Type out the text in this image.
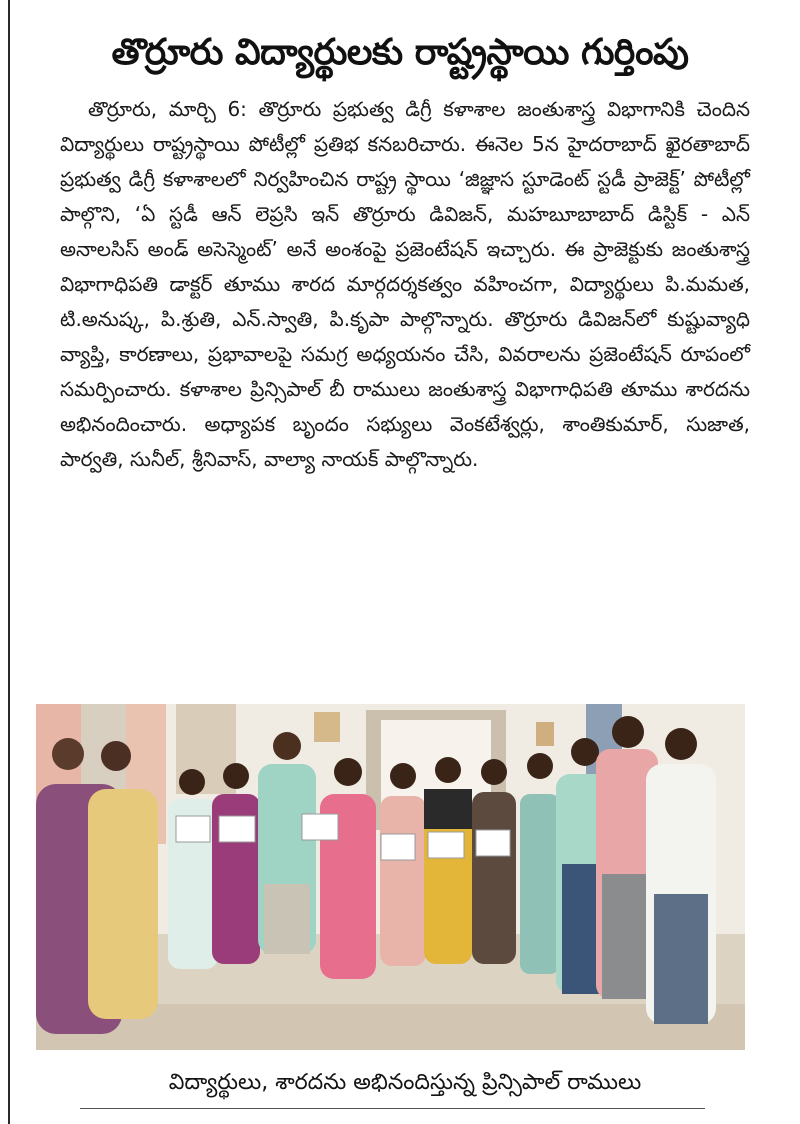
తొర్రూరు విద్యార్థులకు రాష్ట్రస్థాయి గుర్తింపు

తొర్రూరు, మార్చి 6: తొర్రూరు ప్రభుత్వ డిగ్రీ కళాశాల జంతుశాస్త్ర విభాగానికి చెందిన విద్యార్థులు రాష్ట్రస్థాయి పోటీల్లో ప్రతిభ కనబరిచారు. ఈనెల 5న హైదరాబాద్ ఖైరతాబాద్ ప్రభుత్వ డిగ్రీ కళాశాలలో నిర్వహించిన రాష్ట్ర స్థాయి ‘జిజ్ఞాస స్టూడెంట్ స్టడీ ప్రాజెక్ట్’ పోటీల్లో పాల్గొని, ‘ఏ స్టడీ ఆన్ లెప్రసి ఇన్ తొర్రూరు డివిజన్, మహబూబాబాద్ డిస్టిక్ - ఎన్ అనాలసిస్ అండ్ అసెస్మెంట్’ అనే అంశంపై ప్రజెంటేషన్ ఇచ్చారు. ఈ ప్రాజెక్టుకు జంతుశాస్త్ర విభాగాధిపతి డాక్టర్ తూము శారద మార్గదర్శకత్వం వహించగా, విద్యార్థులు పి.మమత, టి.అనుష్క, పి.శ్రుతి, ఎన్.స్వాతి, పి.కృపా పాల్గొన్నారు. తొర్రూరు డివిజన్‌లో కుష్టువ్యాధి వ్యాప్తి, కారణాలు, ప్రభావాలపై సమగ్ర అధ్యయనం చేసి, వివరాలను ప్రజెంటేషన్ రూపంలో సమర్పించారు. కళాశాల ప్రిన్సిపాల్ బీ రాములు జంతుశాస్త్ర విభాగాధిపతి తూము శారదను అభినందించారు. అధ్యాపక బృందం సభ్యులు వెంకటేశ్వర్లు, శాంతికుమార్, సుజాత, పార్వతి, సునీల్, శ్రీనివాస్, వాల్యా నాయక్ పాల్గొన్నారు.

విద్యార్థులు, శారదను అభినందిస్తున్న ప్రిన్సిపాల్ రాములు
